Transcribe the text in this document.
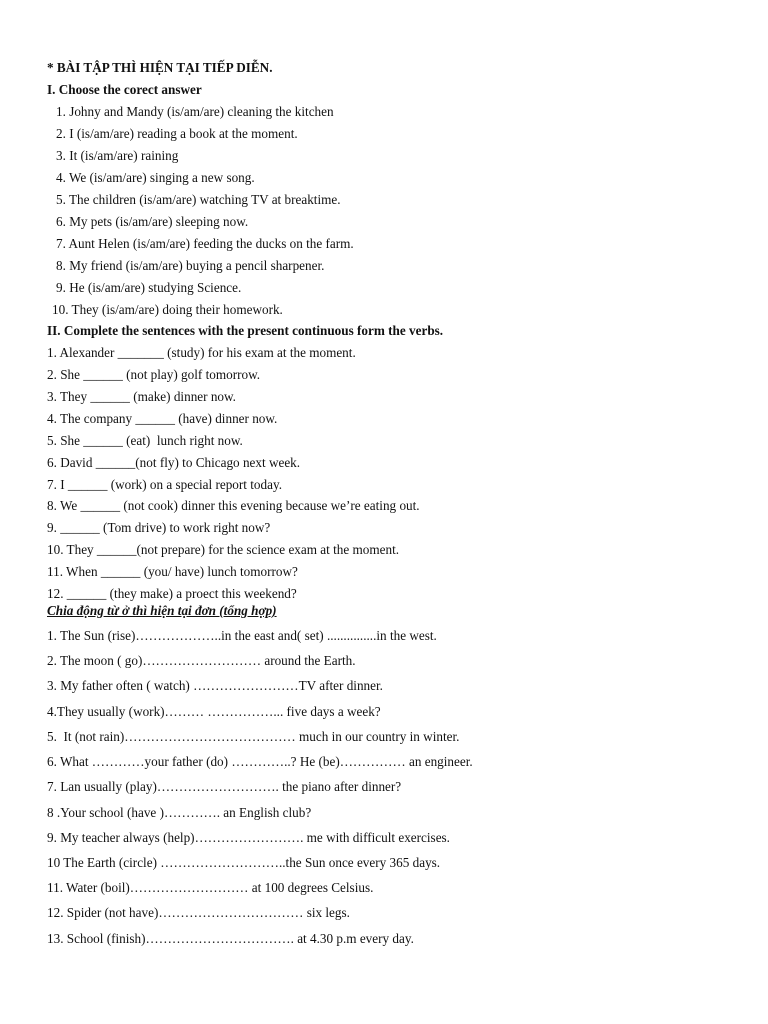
* BÀI TẬP THÌ HIỆN TẠI TIẾP DIỄN.
I. Choose the corect answer
1. Johny and Mandy (is/am/are) cleaning the kitchen
2. I (is/am/are) reading a book at the moment.
3. It (is/am/are) raining
4. We (is/am/are) singing a new song.
5. The children (is/am/are) watching TV at breaktime.
6. My pets (is/am/are) sleeping now.
7. Aunt Helen (is/am/are) feeding the ducks on the farm.
8. My friend (is/am/are) buying a pencil sharpener.
9. He (is/am/are) studying Science.
10. They (is/am/are) doing their homework.
II. Complete the sentences with the present continuous form the verbs.
1. Alexander _______ (study) for his exam at the moment.
2. She ______ (not play) golf tomorrow.
3. They ______ (make) dinner now.
4. The company ______ (have) dinner now.
5. She ______ (eat)  lunch right now.
6. David ______(not fly) to Chicago next week.
7. I ______ (work) on a special report today.
8. We ______ (not cook) dinner this evening because we’re eating out.
9. ______ (Tom drive) to work right now?
10. They ______(not prepare) for the science exam at the moment.
11. When ______ (you/ have) lunch tomorrow?
12. ______ (they make) a proect this weekend?
Chia động từ ở thì hiện tại đơn (tổng hợp)
1. The Sun (rise)………………..in the east and( set) ...............in the west.
2. The moon ( go)……………………… around the Earth.
3. My father often ( watch) ……………………TV after dinner.
4.They usually (work)……… ……………... five days a week?
5.  It (not rain)………………………………… much in our country in winter.
6. What …………your father (do) …………..? He (be)…………… an engineer.
7. Lan usually (play)………………………. the piano after dinner?
8 .Your school (have )…………. an English club?
9. My teacher always (help)……………………. me with difficult exercises.
10 The Earth (circle) ………………………..the Sun once every 365 days.
11. Water (boil)……………………… at 100 degrees Celsius.
12. Spider (not have)…………………………… six legs.
13. School (finish)……………………………. at 4.30 p.m every day.
